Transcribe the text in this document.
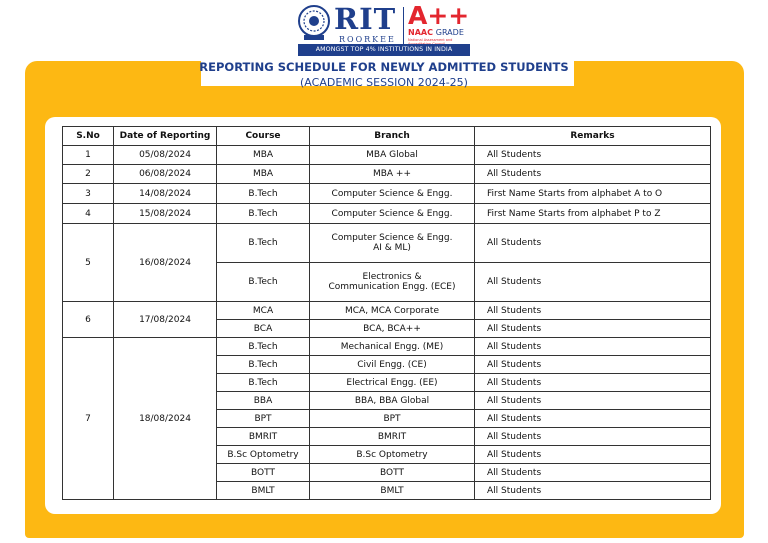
RIT
ROORKEE
A++
NAAC GRADE
National Assessment and
AMONGST TOP 4% INSTITUTIONS IN INDIA
REPORTING SCHEDULE FOR NEWLY ADMITTED STUDENTS
(ACADEMIC SESSION 2024-25)
S.No	Date of Reporting	Course	Branch	Remarks
1	05/08/2024	MBA	MBA Global	All Students
2	06/08/2024	MBA	MBA ++	All Students
3	14/08/2024	B.Tech	Computer Science & Engg.	First Name Starts from alphabet A to O
4	15/08/2024	B.Tech	Computer Science & Engg.	First Name Starts from alphabet P to Z
5	16/08/2024	B.Tech	Computer Science & Engg.
AI & ML)	All Students
		B.Tech	Electronics &
Communication Engg. (ECE)	All Students
6	17/08/2024	MCA	MCA, MCA Corporate	All Students
		BCA	BCA, BCA++	All Students
7	18/08/2024	B.Tech	Mechanical Engg. (ME)	All Students
		B.Tech	Civil Engg. (CE)	All Students
		B.Tech	Electrical Engg. (EE)	All Students
		BBA	BBA, BBA Global	All Students
		BPT	BPT	All Students
		BMRIT	BMRIT	All Students
		B.Sc Optometry	B.Sc Optometry	All Students
		BOTT	BOTT	All Students
		BMLT	BMLT	All Students
